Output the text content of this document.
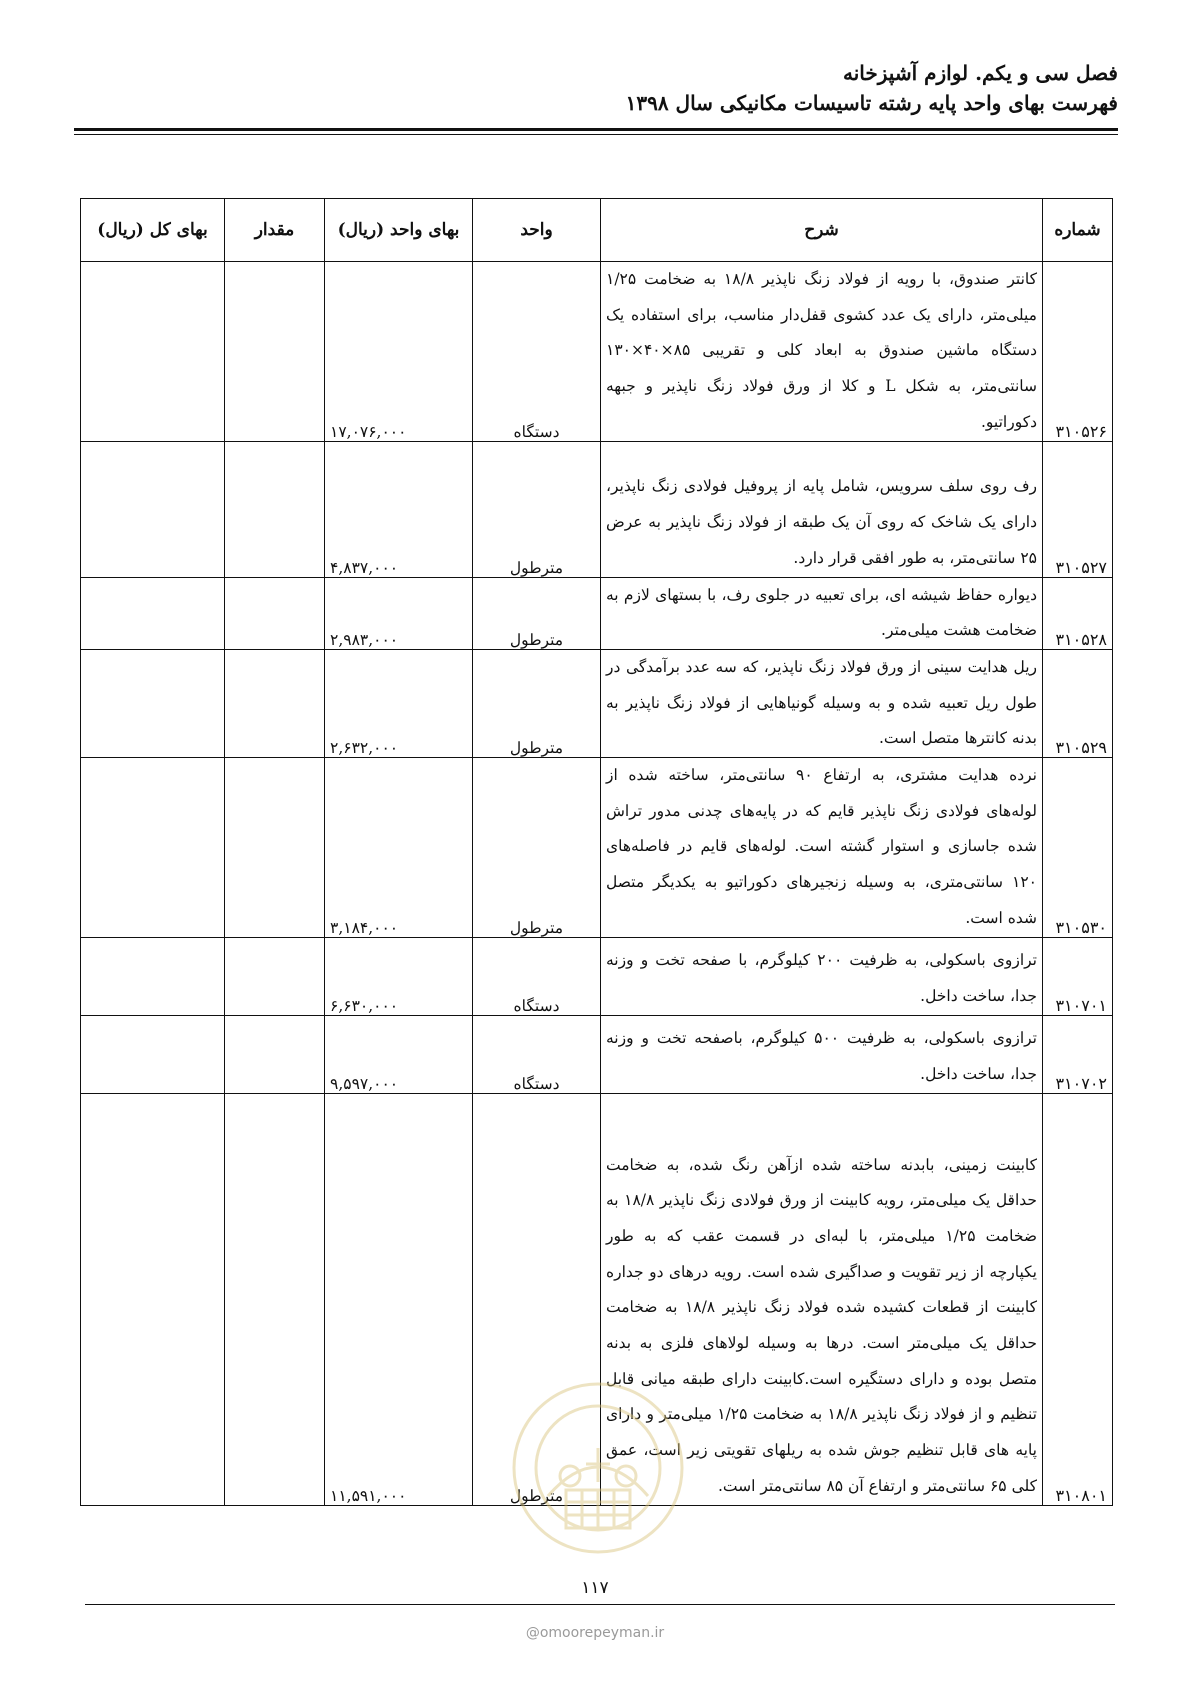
فصل سی و یکم. لوازم آشپزخانه
فهرست بهای واحد پایه رشته تاسیسات مکانیکی سال ۱۳۹۸
شماره	شرح	واحد	بهای واحد (ریال)	مقدار	بهای کل (ریال)
۳۱۰۵۲۶	کانتر صندوق، با رویه از فولاد زنگ ناپذیر ۱۸/۸ به ضخامت ۱/۲۵ میلی‌متر، دارای یک عدد کشوی قفل‌دار مناسب، برای استفاده یک دستگاه ماشین صندوق به ابعاد کلی و تقریبی ۸۵×۴۰×۱۳۰ سانتی‌متر، به شکل L و کلا از ورق فولاد زنگ ناپذیر و جبهه دکوراتیو.	دستگاه	۱۷,۰۷۶,۰۰۰		
۳۱۰۵۲۷	رف روی سلف سرویس، شامل پایه از پروفیل فولادی زنگ ناپذیر، دارای یک شاخک که روی آن یک طبقه از فولاد زنگ ناپذیر به عرض ۲۵ سانتی‌متر، به طور افقی قرار دارد.	مترطول	۴,۸۳۷,۰۰۰		
۳۱۰۵۲۸	دیواره حفاظ شیشه ای، برای تعبیه در جلوی رف، با بستهای لازم به ضخامت هشت میلی‌متر.	مترطول	۲,۹۸۳,۰۰۰		
۳۱۰۵۲۹	ریل هدایت سینی از ورق فولاد زنگ ناپذیر، که سه عدد برآمدگی در طول ریل تعبیه شده و به وسیله گونیاهایی از فولاد زنگ ناپذیر به بدنه کانترها متصل است.	مترطول	۲,۶۳۲,۰۰۰		
۳۱۰۵۳۰	نرده هدایت مشتری، به ارتفاع ۹۰ سانتی‌متر، ساخته شده از لوله‌های فولادی زنگ ناپذیر قایم که در پایه‌های چدنی مدور تراش شده جاسازی و استوار گشته است. لوله‌های قایم در فاصله‌های ۱۲۰ سانتی‌متری، به وسیله زنجیرهای دکوراتیو به یکدیگر متصل شده است.	مترطول	۳,۱۸۴,۰۰۰		
۳۱۰۷۰۱	ترازوی باسکولی، به ظرفیت ۲۰۰ کیلوگرم، با صفحه تخت و وزنه جدا، ساخت داخل.	دستگاه	۶,۶۳۰,۰۰۰		
۳۱۰۷۰۲	ترازوی باسکولی، به ظرفیت ۵۰۰ کیلوگرم، باصفحه تخت و وزنه جدا، ساخت داخل.	دستگاه	۹,۵۹۷,۰۰۰		
۳۱۰۸۰۱	کابینت زمینی، بابدنه ساخته شده ازآهن رنگ شده، به ضخامت حداقل یک میلی‌متر، رویه کابینت از ورق فولادی زنگ ناپذیر ۱۸/۸ به ضخامت ۱/۲۵ میلی‌متر، با لبه‌ای در قسمت عقب که به طور یکپارچه از زیر تقویت و صداگیری شده است. رویه درهای دو جداره کابینت از قطعات کشیده شده فولاد زنگ ناپذیر ۱۸/۸ به ضخامت حداقل یک میلی‌متر است. درها به وسیله لولاهای فلزی به بدنه متصل بوده و دارای دستگیره است.کابینت دارای طبقه میانی قابل تنظیم و از فولاد زنگ ناپذیر ۱۸/۸ به ضخامت ۱/۲۵ میلی‌متر و دارای پایه های قابل تنظیم جوش شده به ریلهای تقویتی زیر است، عمق کلی ۶۵ سانتی‌متر و ارتفاع آن ۸۵ سانتی‌متر است.	مترطول	۱۱,۵۹۱,۰۰۰		
۱۱۷
@omoorepeyman.ir
